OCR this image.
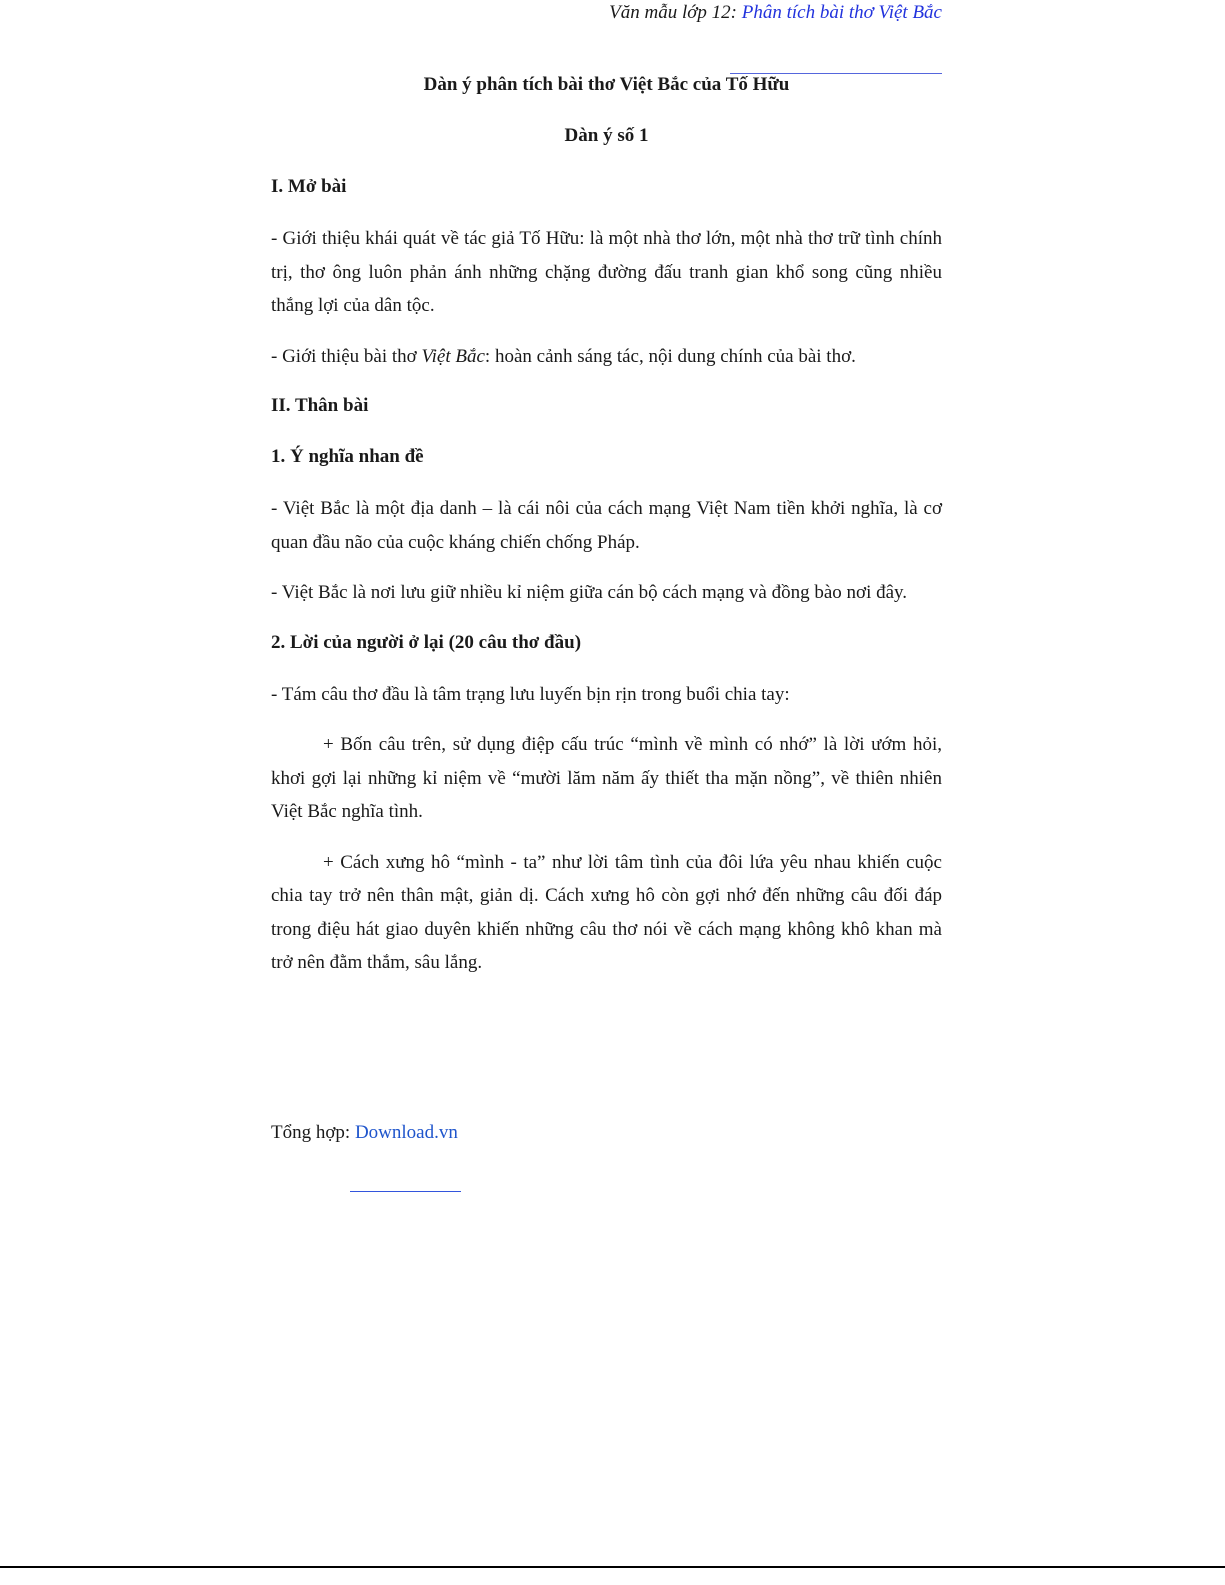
Văn mẫu lớp 12: Phân tích bài thơ Việt Bắc
Dàn ý phân tích bài thơ Việt Bắc của Tố Hữu
Dàn ý số 1
I. Mở bài

- Giới thiệu khái quát về tác giả Tố Hữu: là một nhà thơ lớn, một nhà thơ trữ tình chính trị, thơ ông luôn phản ánh những chặng đường đấu tranh gian khổ song cũng nhiều thắng lợi của dân tộc.

- Giới thiệu bài thơ Việt Bắc: hoàn cảnh sáng tác, nội dung chính của bài thơ.

II. Thân bài
1. Ý nghĩa nhan đề

- Việt Bắc là một địa danh – là cái nôi của cách mạng Việt Nam tiền khởi nghĩa, là cơ quan đầu não của cuộc kháng chiến chống Pháp.

- Việt Bắc là nơi lưu giữ nhiều kỉ niệm giữa cán bộ cách mạng và đồng bào nơi đây.

2. Lời của người ở lại (20 câu thơ đầu)

- Tám câu thơ đầu là tâm trạng lưu luyến bịn rịn trong buổi chia tay:

+ Bốn câu trên, sử dụng điệp cấu trúc “mình về mình có nhớ” là lời ướm hỏi, khơi gợi lại những kỉ niệm về “mười lăm năm ấy thiết tha mặn nồng”, về thiên nhiên Việt Bắc nghĩa tình.

+ Cách xưng hô “mình - ta” như lời tâm tình của đôi lứa yêu nhau khiến cuộc chia tay trở nên thân mật, giản dị. Cách xưng hô còn gợi nhớ đến những câu đối đáp trong điệu hát giao duyên khiến những câu thơ nói về cách mạng không khô khan mà trở nên đằm thắm, sâu lắng.

Tổng hợp: Download.vn
